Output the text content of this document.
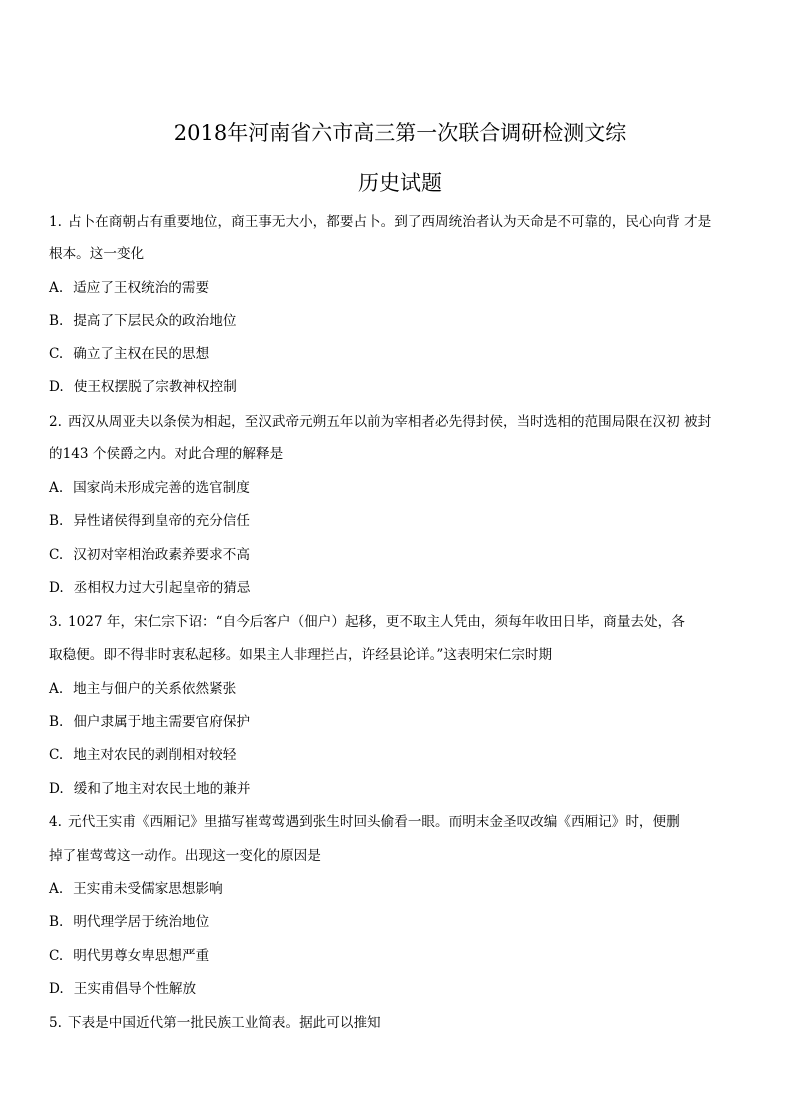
2018年河南省六市高三第一次联合调研检测文综
历史试题
1. 占卜在商朝占有重要地位，商王事无大小，都要占卜。到了西周统治者认为天命是不可靠的，民心向背 才是
根本。这一变化
A. 适应了王权统治的需要
B. 提高了下层民众的政治地位
C. 确立了主权在民的思想
D. 使王权摆脱了宗教神权控制
2. 西汉从周亚夫以条侯为相起，至汉武帝元朔五年以前为宰相者必先得封侯，当时选相的范围局限在汉初 被封
的143 个侯爵之内。对此合理的解释是
A. 国家尚未形成完善的选官制度
B. 异性诸侯得到皇帝的充分信任
C. 汉初对宰相治政素养要求不高
D. 丞相权力过大引起皇帝的猜忌
3. 1027 年，宋仁宗下诏：“自今后客户（佃户）起移，更不取主人凭由，须每年收田日毕，商量去处，各
取稳便。即不得非时衷私起移。如果主人非理拦占，许经县论详。”这表明宋仁宗时期
A. 地主与佃户的关系依然紧张
B. 佃户隶属于地主需要官府保护
C. 地主对农民的剥削相对较轻
D. 缓和了地主对农民土地的兼并
4. 元代王实甫《西厢记》里描写崔莺莺遇到张生时回头偷看一眼。而明末金圣叹改编《西厢记》时，便删
掉了崔莺莺这一动作。出现这一变化的原因是
A. 王实甫未受儒家思想影响
B. 明代理学居于统治地位
C. 明代男尊女卑思想严重
D. 王实甫倡导个性解放
5. 下表是中国近代第一批民族工业简表。据此可以推知
